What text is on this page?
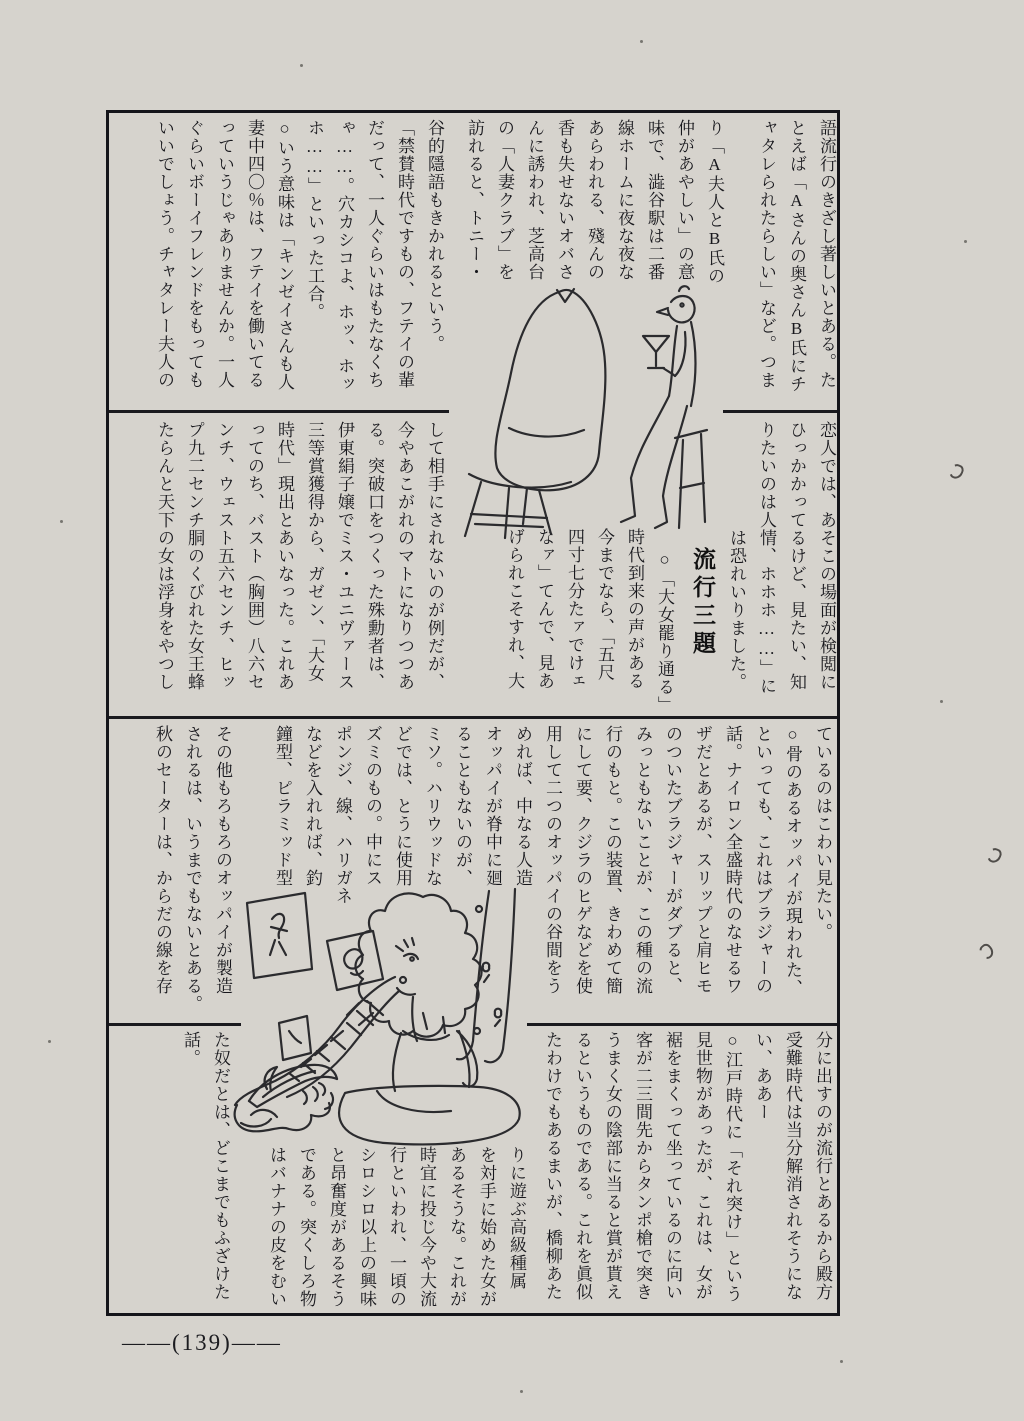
語流行のきざし著しいとある。た

とえば「Aさんの奥さんB氏にチ

ャタレられたらしい」など。つま

り「A夫人とB氏の

仲があやしい」の意

味で、澁谷駅は二番

線ホームに夜な夜な

あらわれる、殘んの

香も失せないオバさ

んに誘われ、芝高台

の「人妻クラブ」を

訪れると、トニー・

谷的隱語もきかれるという。

「禁賛時代ですもの、フテイの輩

だって、一人ぐらいはもたなくち

ゃ……。穴カシコよ、ホッ、ホッ

ホ……」といった工合。

○いう意味は「キンゼイさんも人

妻中四〇％は、フテイを働いてる

っていうじゃありませんか。一人

ぐらいボーイフレンドをもっても

いいでしょう。チャタレー夫人の

恋人では、あそこの場面が検閲に

ひっかかってるけど、見たい、知

りたいのは人情、ホホホ……」に

は恐れいりました。

流行三題

○「大女罷り通る」

時代到来の声がある

今までなら、「五尺

四寸七分たァでけェ

なァ」てんで、見あ

げられこそすれ、大

して相手にされないのが例だが、

今やあこがれのマトになりつつあ

る。突破口をつくった殊勳者は、

伊東絹子嬢でミス・ユニヴァース

三等賞獲得から、ガゼン、「大女

時代」現出とあいなった。これあ

ってのち、バスト（胸囲）八六セ

ンチ、ウェスト五六センチ、ヒッ

プ九二センチ胴のくびれた女王蜂

たらんと天下の女は浮身をやつし

ているのはこわい見たい。

○骨のあるオッパイが現われた、

といっても、これはブラジャーの

話。ナイロン全盛時代のなせるワ

ザだとあるが、スリップと肩ヒモ

のついたブラジャーがダブると、

みっともないことが、この種の流

行のもと。この装置、きわめて簡

にして要、クジラのヒゲなどを使

用して二つのオッパイの谷間をう

めれば、中なる人造

オッパイが脊中に廻

ることもないのが、

ミソ。ハリウッドな

どでは、とうに使用

ズミのもの。中にス

ポンジ、線、ハリガネ

などを入れれば、釣

鐘型、ピラミッド型

その他もろもろのオッパイが製造

されるは、いうまでもないとある。

秋のセーターは、からだの線を存

分に出すのが流行とあるから殿方

受難時代は当分解消されそうにな

い、ああー

○江戸時代に「それ突け」という

見世物があったが、これは、女が

裾をまくって坐っているのに向い

客が二三間先からタンポ槍で突き

うまく女の陰部に当ると賞が貰え

るというものである。これを眞似

たわけでもあるまいが、橋柳あた

りに遊ぶ高級種属

を対手に始めた女が

あるそうな。これが

時宜に投じ今や大流

行といわれ、一頃の

シロシロ以上の興味

と昂奮度があるそう

である。突くしろ物

はバナナの皮をむい

た奴だとは、どこまでもふざけた

話。

——(139)——
